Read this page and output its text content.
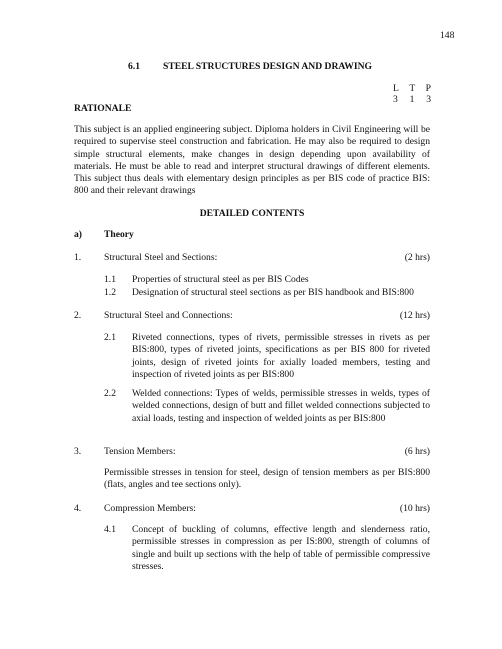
148
6.1 STEEL STRUCTURES DESIGN AND DRAWING
L T P
3 1 3
RATIONALE
This subject is an applied engineering subject. Diploma holders in Civil Engineering will be required to supervise steel construction and fabrication. He may also be required to design simple structural elements, make changes in design depending upon availability of materials. He must be able to read and interpret structural drawings of different elements. This subject thus deals with elementary design principles as per BIS code of practice BIS: 800 and their relevant drawings
DETAILED CONTENTS
a) Theory
1. Structural Steel and Sections:	(2 hrs)
1.1 Properties of structural steel as per BIS Codes
1.2 Designation of structural steel sections as per BIS handbook and BIS:800
2. Structural Steel and Connections:	(12 hrs)
2.1 Riveted connections, types of rivets, permissible stresses in rivets as per BIS:800, types of riveted joints, specifications as per BIS 800 for riveted joints, design of riveted joints for axially loaded members, testing and inspection of riveted joints as per BIS:800
2.2 Welded connections: Types of welds, permissible stresses in welds, types of welded connections, design of butt and fillet welded connections subjected to axial loads, testing and inspection of welded joints as per BIS:800
3. Tension Members:	(6 hrs)
Permissible stresses in tension for steel, design of tension members as per BIS:800 (flats, angles and tee sections only).
4. Compression Members:	(10 hrs)
4.1 Concept of buckling of columns, effective length and slenderness ratio, permissible stresses in compression as per IS:800, strength of columns of single and built up sections with the help of table of permissible compressive stresses.
